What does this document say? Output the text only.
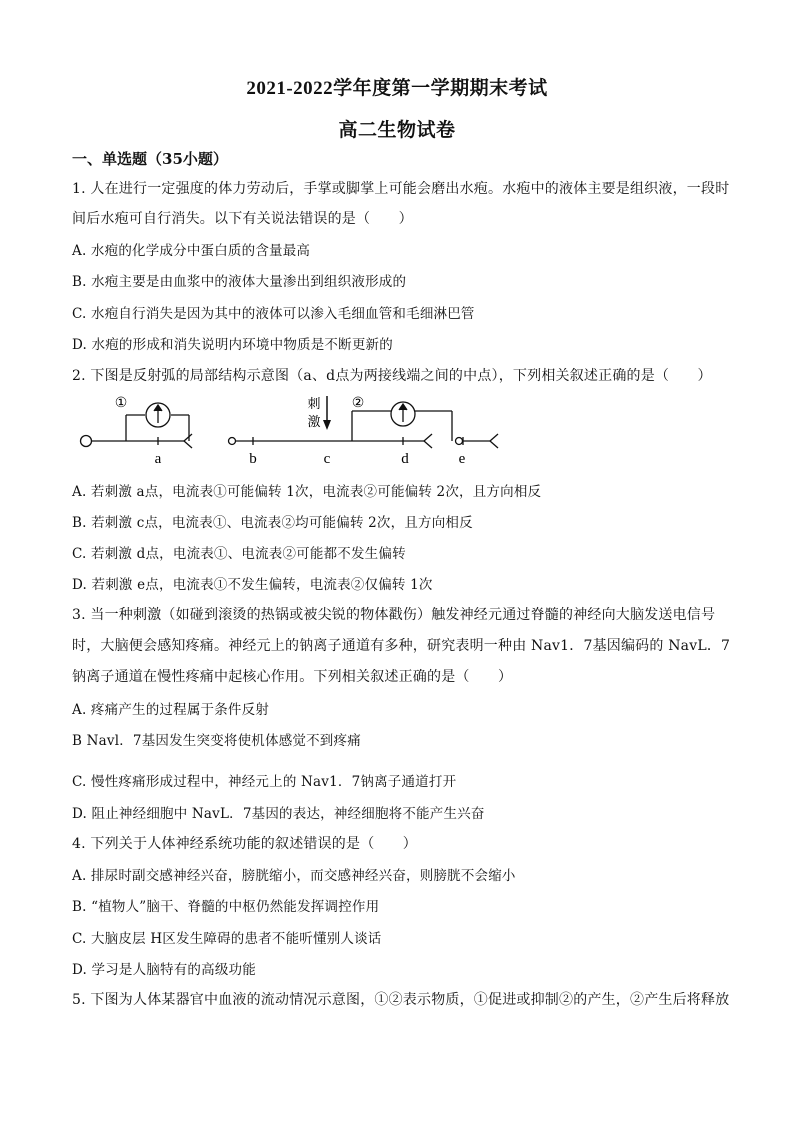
2021-2022学年度第一学期期末考试
高二生物试卷
一、单选题（35小题）
1. 人在进行一定强度的体力劳动后，手掌或脚掌上可能会磨出水疱。水疱中的液体主要是组织液，一段时
间后水疱可自行消失。以下有关说法错误的是（　　）
A. 水疱的化学成分中蛋白质的含量最高
B. 水疱主要是由血浆中的液体大量渗出到组织液形成的
C. 水疱自行消失是因为其中的液体可以渗入毛细血管和毛细淋巴管
D. 水疱的形成和消失说明内环境中物质是不断更新的
2. 下图是反射弧的局部结构示意图（a、d点为两接线端之间的中点），下列相关叙述正确的是（　　）
①
a	b	c	d
刺
激
②
e
A. 若刺激 a点，电流表①可能偏转 1次，电流表②可能偏转 2次，且方向相反
B. 若刺激 c点，电流表①、电流表②均可能偏转 2次，且方向相反
C. 若刺激 d点，电流表①、电流表②可能都不发生偏转
D. 若刺激 e点，电流表①不发生偏转，电流表②仅偏转 1次
3. 当一种刺激（如碰到滚烫的热锅或被尖锐的物体戳伤）触发神经元通过脊髓的神经向大脑发送电信号
时，大脑便会感知疼痛。神经元上的钠离子通道有多种，研究表明一种由 Nav1．7基因编码的 NavL．7
钠离子通道在慢性疼痛中起核心作用。下列相关叙述正确的是（　　）
A. 疼痛产生的过程属于条件反射
B Navl．7基因发生突变将使机体感觉不到疼痛
C. 慢性疼痛形成过程中，神经元上的 Nav1．7钠离子通道打开
D. 阻止神经细胞中 NavL．7基因的表达，神经细胞将不能产生兴奋
4. 下列关于人体神经系统功能的叙述错误的是（　　）
A. 排尿时副交感神经兴奋，膀胱缩小，而交感神经兴奋，则膀胱不会缩小
B. “植物人”脑干、脊髓的中枢仍然能发挥调控作用
C. 大脑皮层 H区发生障碍的患者不能听懂别人谈话
D. 学习是人脑特有的高级功能
5. 下图为人体某器官中血液的流动情况示意图，①②表示物质，①促进或抑制②的产生，②产生后将释放
